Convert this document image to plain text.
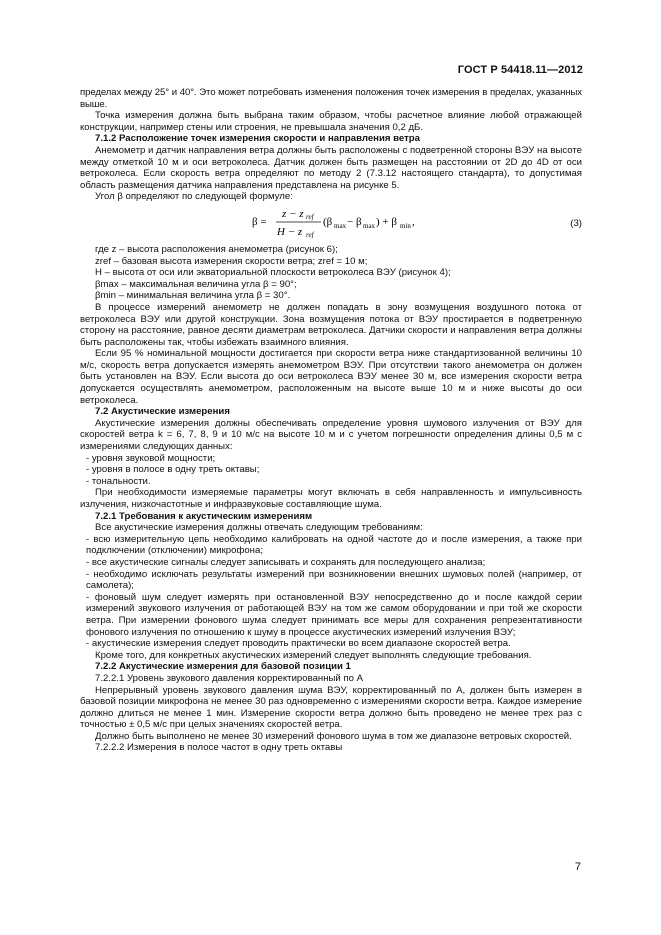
ГОСТ Р 54418.11—2012

пределах между 25° и 40°. Это может потребовать изменения положения точек измерения в пределах, указанных выше.

Точка измерения должна быть выбрана таким образом, чтобы расчетное влияние любой отражающей конструкции, например стены или строения, не превышала значения 0,2 дБ.

7.1.2 Расположение точек измерения скорости и направления ветра

Анемометр и датчик направления ветра должны быть расположены с подветренной стороны ВЭУ на высоте между отметкой 10 м и оси ветроколеса. Датчик должен быть размещен на расстоянии от 2D до 4D от оси ветроколеса. Если скорость ветра определяют по методу 2 (7.3.12 настоящего стандарта), то допустимая область размещения датчика направления представлена на рисунке 5.

Угол β определяют по следующей формуле:

β =
z − z ref
H − z ref
(β max − β max ) + β min ,	(3)

где z – высота расположения анемометра (рисунок 6);

zref – базовая высота измерения скорости ветра; zref = 10 м;

H – высота от оси или экваториальной плоскости ветроколеса ВЭУ (рисунок 4);

βmax – максимальная величина угла β = 90°;

βmin – минимальная величина угла β = 30°.

В процессе измерений анемометр не должен попадать в зону возмущения воздушного потока от ветроколеса ВЭУ или другой конструкции. Зона возмущения потока от ВЭУ простирается в подветренную сторону на расстояние, равное десяти диаметрам ветроколеса. Датчики скорости и направления ветра должны быть расположены так, чтобы избежать взаимного влияния.

Если 95 % номинальной мощности достигается при скорости ветра ниже стандартизованной величины 10 м/с, скорость ветра допускается измерять анемометром ВЭУ. При отсутствии такого анемометра он должен быть установлен на ВЭУ. Если высота до оси ветроколеса ВЭУ менее 30 м, все измерения скорости ветра допускается осуществлять анемометром, расположенным на высоте выше 10 м и ниже высоты до оси ветроколеса.

7.2 Акустические измерения

Акустические измерения должны обеспечивать определение уровня шумового излучения от ВЭУ для скоростей ветра k = 6, 7, 8, 9 и 10 м/с на высоте 10 м и с учетом погрешности определения длины 0,5 м с измерениями следующих данных:

- уровня звуковой мощности;

- уровня в полосе в одну треть октавы;

- тональности.

При необходимости измеряемые параметры могут включать в себя направленность и импульсивность излучения, низкочастотные и инфразвуковые составляющие шума.

7.2.1 Требования к акустическим измерениям

Все акустические измерения должны отвечать следующим требованиям:

- всю измерительную цепь необходимо калибровать на одной частоте до и после измерения, а также при подключении (отключении) микрофона;

- все акустические сигналы следует записывать и сохранять для последующего анализа;

- необходимо исключать результаты измерений при возникновении внешних шумовых полей (например, от самолета);

- фоновый шум следует измерять при остановленной ВЭУ непосредственно до и после каждой серии измерений звукового излучения от работающей ВЭУ на том же самом оборудовании и при той же скорости ветра. При измерении фонового шума следует принимать все меры для сохранения репрезентативности фонового излучения по отношению к шуму в процессе акустических измерений излучения ВЭУ;

- акустические измерения следует проводить практически во всем диапазоне скоростей ветра.

Кроме того, для конкретных акустических измерений следует выполнять следующие требования.

7.2.2 Акустические измерения для базовой позиции 1

7.2.2.1 Уровень звукового давления корректированный по А

Непрерывный уровень звукового давления шума ВЭУ, корректированный по А, должен быть измерен в базовой позиции микрофона не менее 30 раз одновременно с измерениями скорости ветра. Каждое измерение должно длиться не менее 1 мин. Измерение скорости ветра должно быть проведено не менее трех раз с точностью ± 0,5 м/с при целых значениях скоростей ветра.

Должно быть выполнено не менее 30 измерений фонового шума в том же диапазоне ветровых скоростей.

7.2.2.2 Измерения в полосе частот в одну треть октавы

7
